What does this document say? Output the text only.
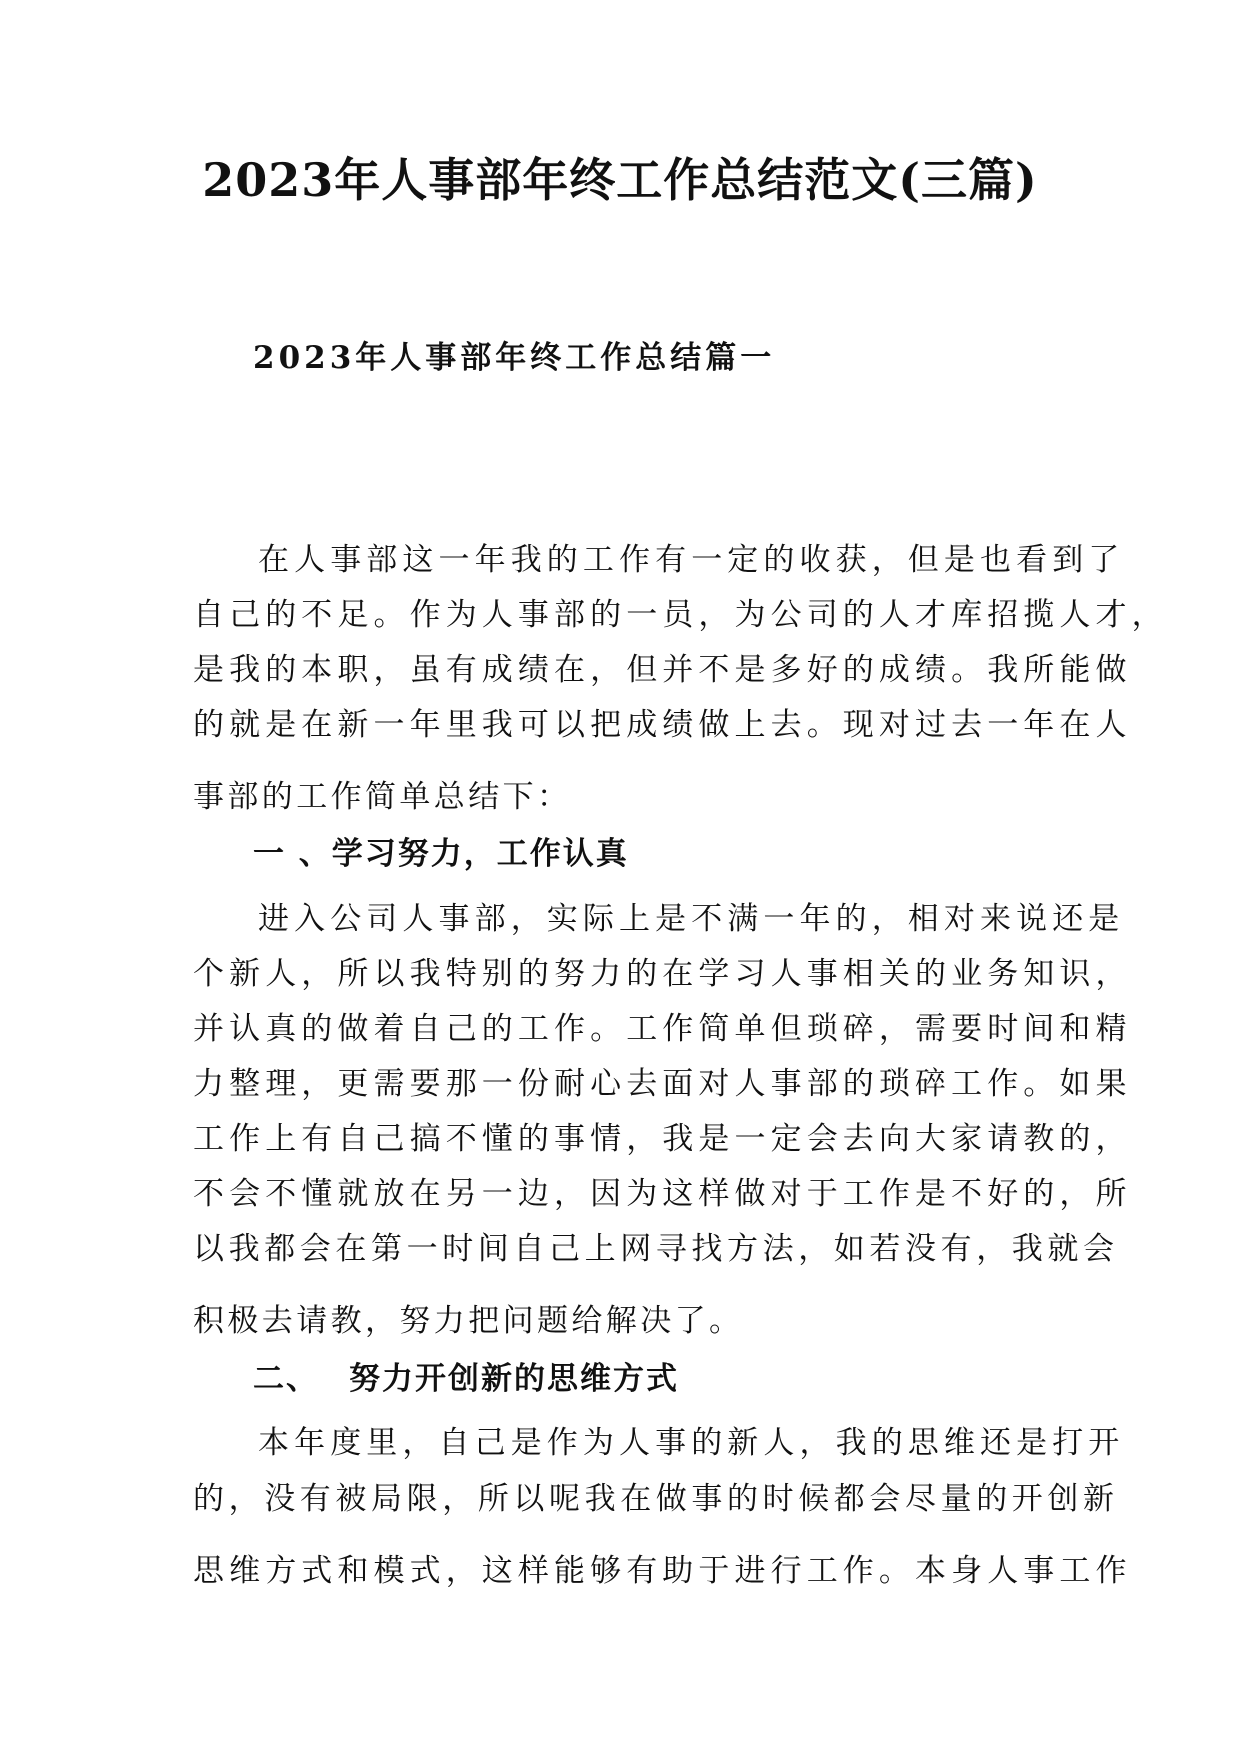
2023年人事部年终工作总结范文(三篇)
2023年人事部年终工作总结篇一
在人事部这一年我的工作有一定的收获，但是也看到了
自己的不足。作为人事部的一员，为公司的人才库招揽人才，
是我的本职，虽有成绩在，但并不是多好的成绩。我所能做
的就是在新一年里我可以把成绩做上去。现对过去一年在人
事部的工作简单总结下：
一 、学习努力，工作认真
进入公司人事部，实际上是不满一年的，相对来说还是
个新人，所以我特别的努力的在学习人事相关的业务知识，
并认真的做着自己的工作。工作简单但琐碎，需要时间和精
力整理，更需要那一份耐心去面对人事部的琐碎工作。如果
工作上有自己搞不懂的事情，我是一定会去向大家请教的，
不会不懂就放在另一边，因为这样做对于工作是不好的，所
以我都会在第一时间自己上网寻找方法，如若没有，我就会
积极去请教，努力把问题给解决了。
二、 努力开创新的思维方式
本年度里，自己是作为人事的新人，我的思维还是打开
的，没有被局限，所以呢我在做事的时候都会尽量的开创新
思维方式和模式，这样能够有助于进行工作。本身人事工作
